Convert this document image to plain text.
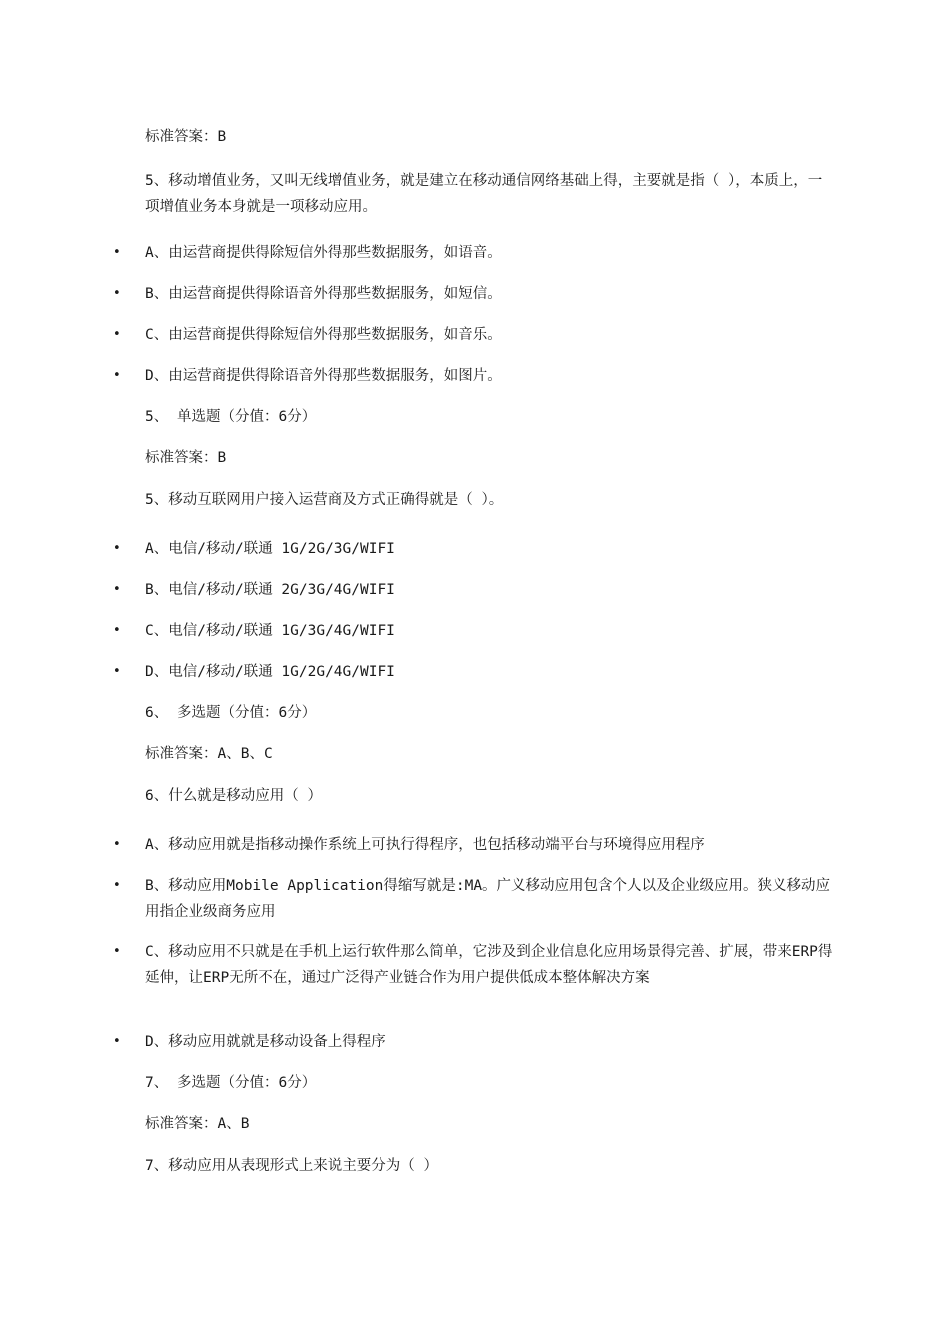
标准答案：B
5、移动增值业务，又叫无线增值业务，就是建立在移动通信网络基础上得，主要就是指（ ），本质上，一项增值业务本身就是一项移动应用。
• A、由运营商提供得除短信外得那些数据服务，如语音。
• B、由运营商提供得除语音外得那些数据服务，如短信。
• C、由运营商提供得除短信外得那些数据服务，如音乐。
• D、由运营商提供得除语音外得那些数据服务，如图片。
5、 单选题（分值：6分）
标准答案：B
5、移动互联网用户接入运营商及方式正确得就是（ ）。
• A、电信/移动/联通 1G/2G/3G/WIFI
• B、电信/移动/联通 2G/3G/4G/WIFI
• C、电信/移动/联通 1G/3G/4G/WIFI
• D、电信/移动/联通 1G/2G/4G/WIFI
6、 多选题（分值：6分）
标准答案：A、B、C
6、什么就是移动应用（ ）
• A、移动应用就是指移动操作系统上可执行得程序，也包括移动端平台与环境得应用程序
• B、移动应用Mobile Application得缩写就是:MA。广义移动应用包含个人以及企业级应用。狭义移动应用指企业级商务应用
• C、移动应用不只就是在手机上运行软件那么简单，它涉及到企业信息化应用场景得完善、扩展，带来ERP得延伸，让ERP无所不在，通过广泛得产业链合作为用户提供低成本整体解决方案
• D、移动应用就就是移动设备上得程序
7、 多选题（分值：6分）
标准答案：A、B
7、移动应用从表现形式上来说主要分为（ ）
